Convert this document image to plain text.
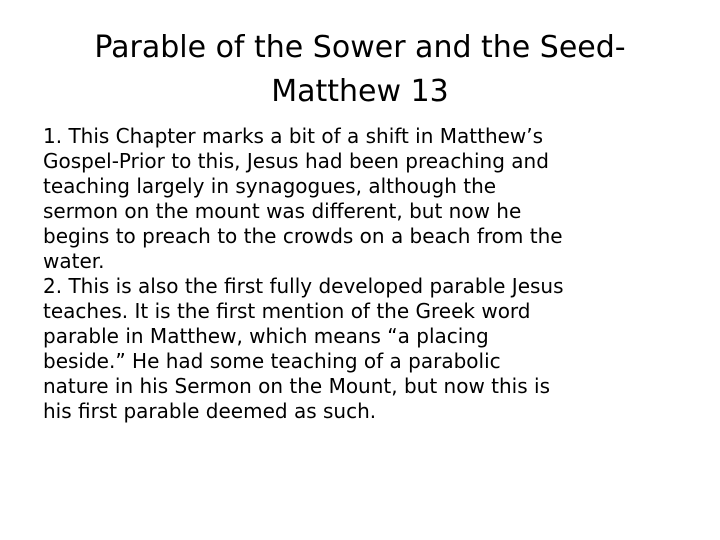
Parable of the Sower and the Seed-
Matthew 13
1. This Chapter marks a bit of a shift in Matthew’s
Gospel-Prior to this, Jesus had been preaching and
teaching largely in synagogues, although the
sermon on the mount was different, but now he
begins to preach to the crowds on a beach from the
water.
2. This is also the first fully developed parable Jesus
teaches. It is the first mention of the Greek word
parable in Matthew, which means “a placing
beside.” He had some teaching of a parabolic
nature in his Sermon on the Mount, but now this is
his first parable deemed as such.
